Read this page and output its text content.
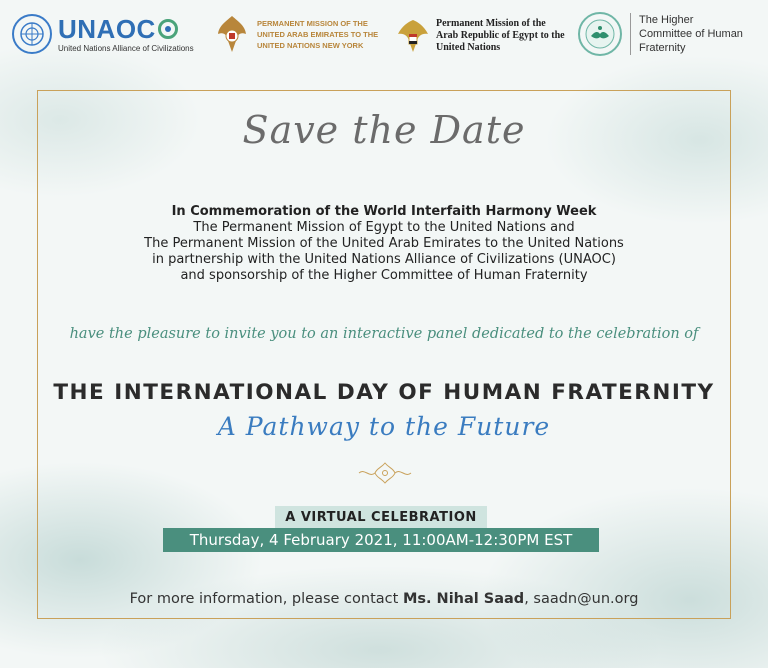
UNAOC
United Nations Alliance of Civilizations
PERMANENT MISSION OF THE UNITED ARAB EMIRATES TO THE UNITED NATIONS NEW YORK
Permanent Mission of the Arab Republic of Egypt to the United Nations
The Higher Committee of Human Fraternity
Save the Date
In Commemoration of the World Interfaith Harmony Week
The Permanent Mission of Egypt to the United Nations and
The Permanent Mission of the United Arab Emirates to the United Nations
in partnership with the United Nations Alliance of Civilizations (UNAOC)
and sponsorship of the Higher Committee of Human Fraternity
have the pleasure to invite you to an interactive panel dedicated to the celebration of
THE INTERNATIONAL DAY OF HUMAN FRATERNITY
A Pathway to the Future
A VIRTUAL CELEBRATION
Thursday, 4 February 2021, 11:00AM-12:30PM EST
For more information, please contact Ms. Nihal Saad, saadn@un.org
